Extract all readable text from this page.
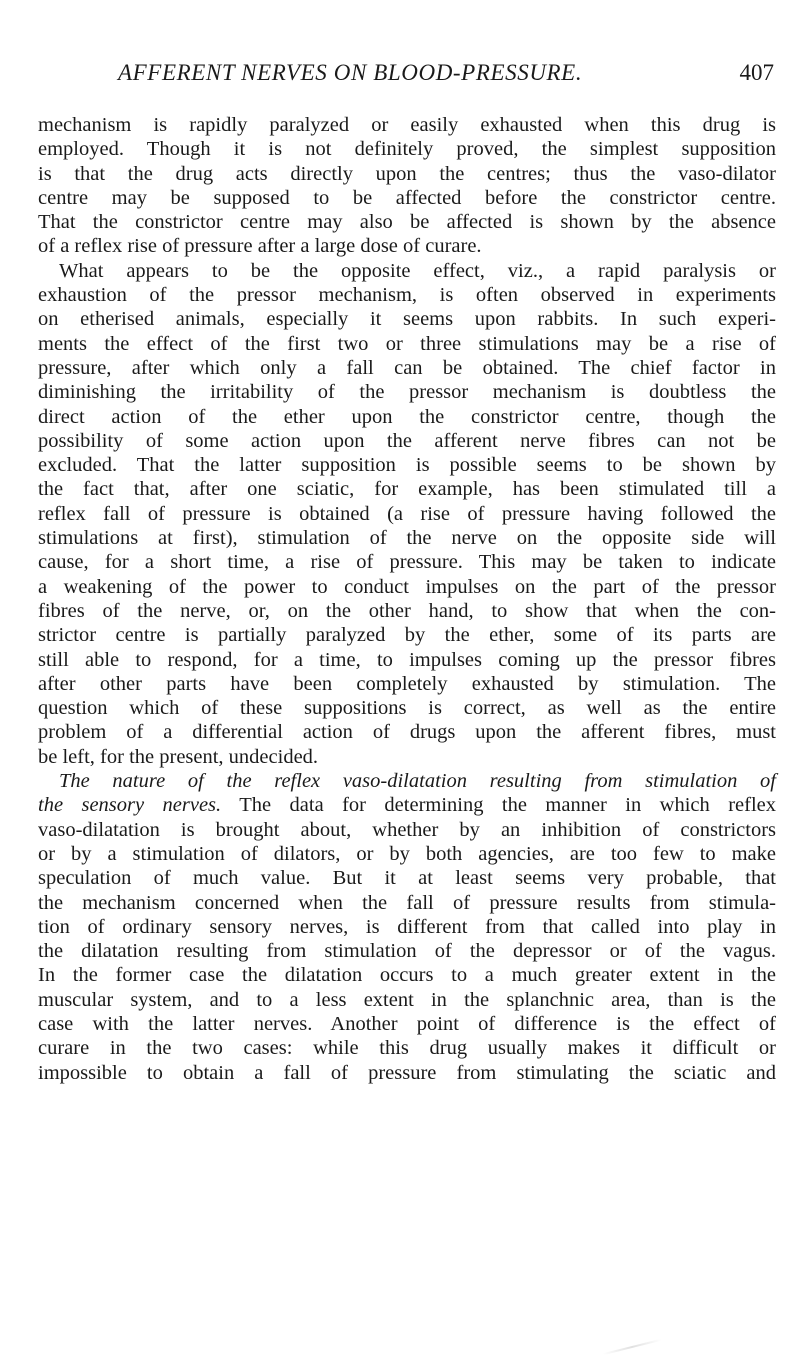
AFFERENT NERVES ON BLOOD-PRESSURE.	407
mechanism is rapidly paralyzed or easily exhausted when this drug is
employed. Though it is not definitely proved, the simplest supposition
is that the drug acts directly upon the centres; thus the vaso-dilator
centre may be supposed to be affected before the constrictor centre.
That the constrictor centre may also be affected is shown by the absence
of a reflex rise of pressure after a large dose of curare.
What appears to be the opposite effect, viz., a rapid paralysis or
exhaustion of the pressor mechanism, is often observed in experiments
on etherised animals, especially it seems upon rabbits. In such experi-
ments the effect of the first two or three stimulations may be a rise of
pressure, after which only a fall can be obtained. The chief factor in
diminishing the irritability of the pressor mechanism is doubtless the
direct action of the ether upon the constrictor centre, though the
possibility of some action upon the afferent nerve fibres can not be
excluded. That the latter supposition is possible seems to be shown by
the fact that, after one sciatic, for example, has been stimulated till a
reflex fall of pressure is obtained (a rise of pressure having followed the
stimulations at first), stimulation of the nerve on the opposite side will
cause, for a short time, a rise of pressure. This may be taken to indicate
a weakening of the power to conduct impulses on the part of the pressor
fibres of the nerve, or, on the other hand, to show that when the con-
strictor centre is partially paralyzed by the ether, some of its parts are
still able to respond, for a time, to impulses coming up the pressor fibres
after other parts have been completely exhausted by stimulation. The
question which of these suppositions is correct, as well as the entire
problem of a differential action of drugs upon the afferent fibres, must
be left, for the present, undecided.
The nature of the reflex vaso-dilatation resulting from stimulation of
the sensory nerves. The data for determining the manner in which reflex
vaso-dilatation is brought about, whether by an inhibition of constrictors
or by a stimulation of dilators, or by both agencies, are too few to make
speculation of much value. But it at least seems very probable, that
the mechanism concerned when the fall of pressure results from stimula-
tion of ordinary sensory nerves, is different from that called into play in
the dilatation resulting from stimulation of the depressor or of the vagus.
In the former case the dilatation occurs to a much greater extent in the
muscular system, and to a less extent in the splanchnic area, than is the
case with the latter nerves. Another point of difference is the effect of
curare in the two cases: while this drug usually makes it difficult or
impossible to obtain a fall of pressure from stimulating the sciatic and
